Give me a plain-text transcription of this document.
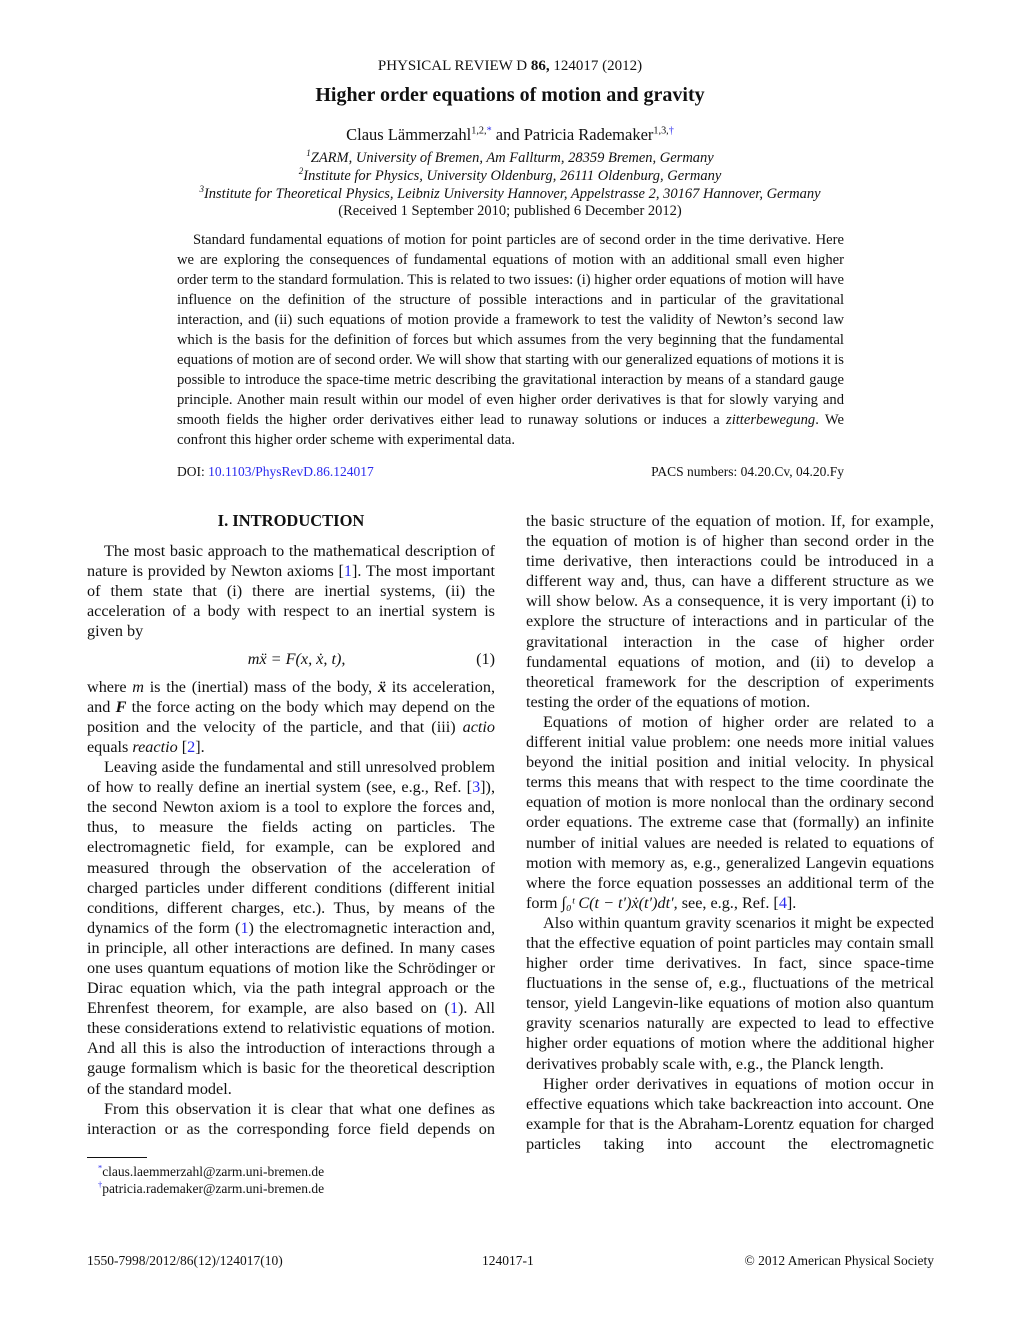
PHYSICAL REVIEW D 86, 124017 (2012)
Higher order equations of motion and gravity
Claus Lämmerzahl$^{1,2,*}$ and Patricia Rademaker$^{1,3,\dagger}$
$^1$ZARM, University of Bremen, Am Fallturm, 28359 Bremen, Germany
$^2$Institute for Physics, University Oldenburg, 26111 Oldenburg, Germany
$^3$Institute for Theoretical Physics, Leibniz University Hannover, Appelstrasse 2, 30167 Hannover, Germany
(Received 1 September 2010; published 6 December 2012)
Standard fundamental equations of motion for point particles are of second order in the time derivative. Here we are exploring the consequences of fundamental equations of motion with an additional small even higher order term to the standard formulation. This is related to two issues: (i) higher order equations of motion will have influence on the definition of the structure of possible interactions and in particular of the gravitational interaction, and (ii) such equations of motion provide a framework to test the validity of Newton’s second law which is the basis for the definition of forces but which assumes from the very beginning that the fundamental equations of motion are of second order. We will show that starting with our generalized equations of motions it is possible to introduce the space-time metric describing the gravitational interaction by means of a standard gauge principle. Another main result within our model of even higher order derivatives is that for slowly varying and smooth fields the higher order derivatives either lead to runaway solutions or induces a zitterbewegung. We confront this higher order scheme with experimental data.
DOI: 10.1103/PhysRevD.86.124017	PACS numbers: 04.20.Cv, 04.20.Fy
I. INTRODUCTION

The most basic approach to the mathematical description of nature is provided by Newton axioms [1]. The most important of them state that (i) there are inertial systems, (ii) the acceleration of a body with respect to an inertial system is given by

mẍ = F(x, ẋ, t),	(1)

where m is the (inertial) mass of the body, ẍ its acceleration, and F the force acting on the body which may depend on the position and the velocity of the particle, and that (iii) actio equals reactio [2].

Leaving aside the fundamental and still unresolved problem of how to really define an inertial system (see, e.g., Ref. [3]), the second Newton axiom is a tool to explore the forces and, thus, to measure the fields acting on particles. The electromagnetic field, for example, can be explored and measured through the observation of the acceleration of charged particles under different conditions (different initial conditions, different charges, etc.). Thus, by means of the dynamics of the form (1) the electromagnetic interaction and, in principle, all other interactions are defined. In many cases one uses quantum equations of motion like the Schrödinger or Dirac equation which, via the path integral approach or the Ehrenfest theorem, for example, are also based on (1). All these considerations extend to relativistic equations of motion. And all this is also the introduction of interactions through a gauge formalism which is basic for the theoretical description of the standard model.

From this observation it is clear that what one defines as interaction or as the corresponding force field depends on

the basic structure of the equation of motion. If, for example, the equation of motion is of higher than second order in the time derivative, then interactions could be introduced in a different way and, thus, can have a different structure as we will show below. As a consequence, it is very important (i) to explore the structure of interactions and in particular of the gravitational interaction in the case of higher order fundamental equations of motion, and (ii) to develop a theoretical framework for the description of experiments testing the order of the equations of motion.

Equations of motion of higher order are related to a different initial value problem: one needs more initial values beyond the initial position and initial velocity. In physical terms this means that with respect to the time coordinate the equation of motion is more nonlocal than the ordinary second order equations. The extreme case that (formally) an infinite number of initial values are needed is related to equations of motion with memory as, e.g., generalized Langevin equations where the force equation possesses an additional term of the form ∫₀ᵗ C(t − t′)ẋ(t′)dt′, see, e.g., Ref. [4].

Also within quantum gravity scenarios it might be expected that the effective equation of point particles may contain small higher order time derivatives. In fact, since space-time fluctuations in the sense of, e.g., fluctuations of the metrical tensor, yield Langevin-like equations of motion also quantum gravity scenarios naturally are expected to lead to effective higher order equations of motion where the additional higher derivatives probably scale with, e.g., the Planck length.

Higher order derivatives in equations of motion occur in effective equations which take backreaction into account. One example for that is the Abraham-Lorentz equation for charged particles taking into account the electromagnetic

*claus.laemmerzahl@zarm.uni-bremen.de
†patricia.rademaker@zarm.uni-bremen.de
1550-7998/2012/86(12)/124017(10)	124017-1	© 2012 American Physical Society
